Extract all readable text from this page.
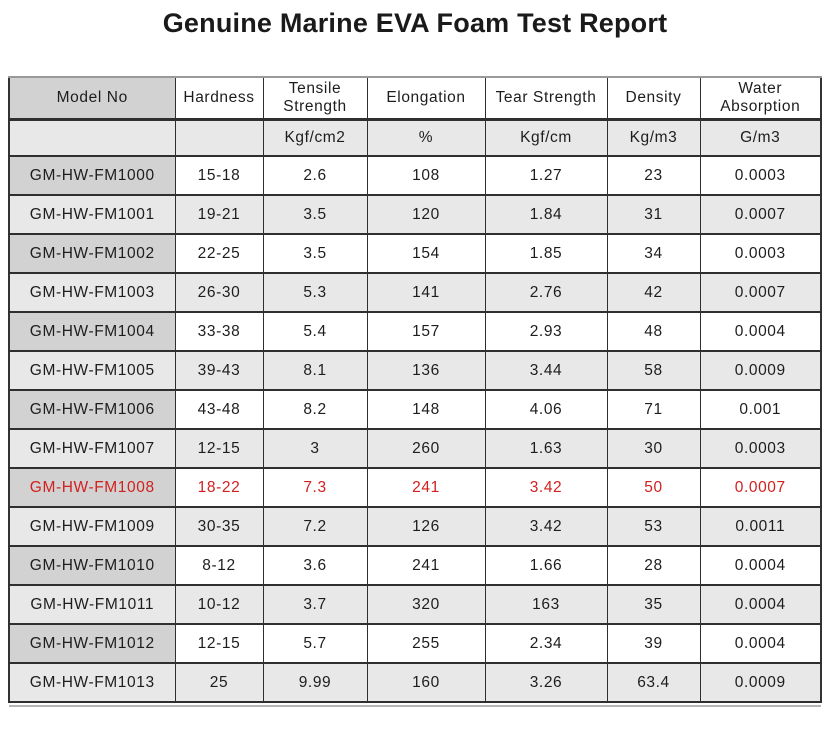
Genuine Marine EVA Foam Test Report
Model No	Hardness	Tensile Strength	Elongation	Tear Strength	Density	Water Absorption
		Kgf/cm2	%	Kgf/cm	Kg/m3	G/m3
GM-HW-FM1000	15-18	2.6	108	1.27	23	0.0003
GM-HW-FM1001	19-21	3.5	120	1.84	31	0.0007
GM-HW-FM1002	22-25	3.5	154	1.85	34	0.0003
GM-HW-FM1003	26-30	5.3	141	2.76	42	0.0007
GM-HW-FM1004	33-38	5.4	157	2.93	48	0.0004
GM-HW-FM1005	39-43	8.1	136	3.44	58	0.0009
GM-HW-FM1006	43-48	8.2	148	4.06	71	0.001
GM-HW-FM1007	12-15	3	260	1.63	30	0.0003
GM-HW-FM1008	18-22	7.3	241	3.42	50	0.0007
GM-HW-FM1009	30-35	7.2	126	3.42	53	0.0011
GM-HW-FM1010	8-12	3.6	241	1.66	28	0.0004
GM-HW-FM1011	10-12	3.7	320	163	35	0.0004
GM-HW-FM1012	12-15	5.7	255	2.34	39	0.0004
GM-HW-FM1013	25	9.99	160	3.26	63.4	0.0009
